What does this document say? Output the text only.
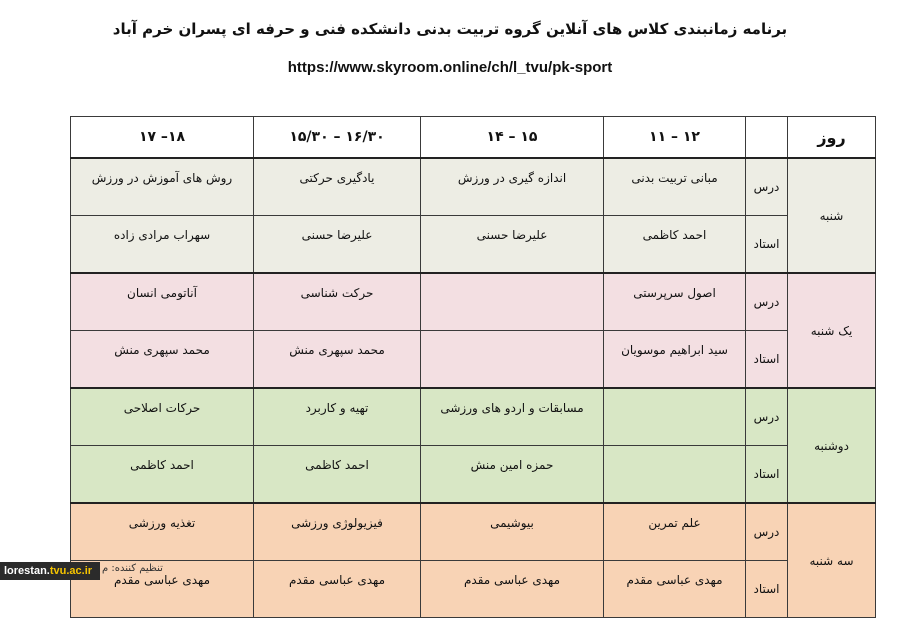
برنامه زمانبندی کلاس های آنلاین گروه تربیت بدنی دانشکده فنی و حرفه ای پسران خرم آباد
https://www.skyroom.online/ch/l_tvu/pk-sport
روز		۱۲ – ۱۱	۱۵ – ۱۴	۱۶/۳۰ – ۱۵/۳۰	۱۸– ۱۷
شنبه	درس	مبانی تربیت بدنی	اندازه گیری در ورزش	یادگیری حرکتی	روش های آموزش در ورزش
	استاد	احمد کاظمی	علیرضا حسنی	علیرضا حسنی	سهراب مرادی زاده
یک شنبه	درس	اصول سرپرستی		حرکت شناسی	آناتومی انسان
	استاد	سید ابراهیم موسویان		محمد سپهری منش	محمد سپهری منش
دوشنبه	درس		مسابقات و اردو های ورزشی	تهیه و کاربرد	حرکات اصلاحی
	استاد		حمزه امین منش	احمد کاظمی	احمد کاظمی
سه شنبه	درس	علم تمرین	بیوشیمی	فیزیولوژی ورزشی	تغذیه ورزشی
	استاد	مهدی عباسی مقدم	مهدی عباسی مقدم	مهدی عباسی مقدم	مهدی عباسی مقدم
lorestan.tvu.ac.ir تنظیم کننده: م
